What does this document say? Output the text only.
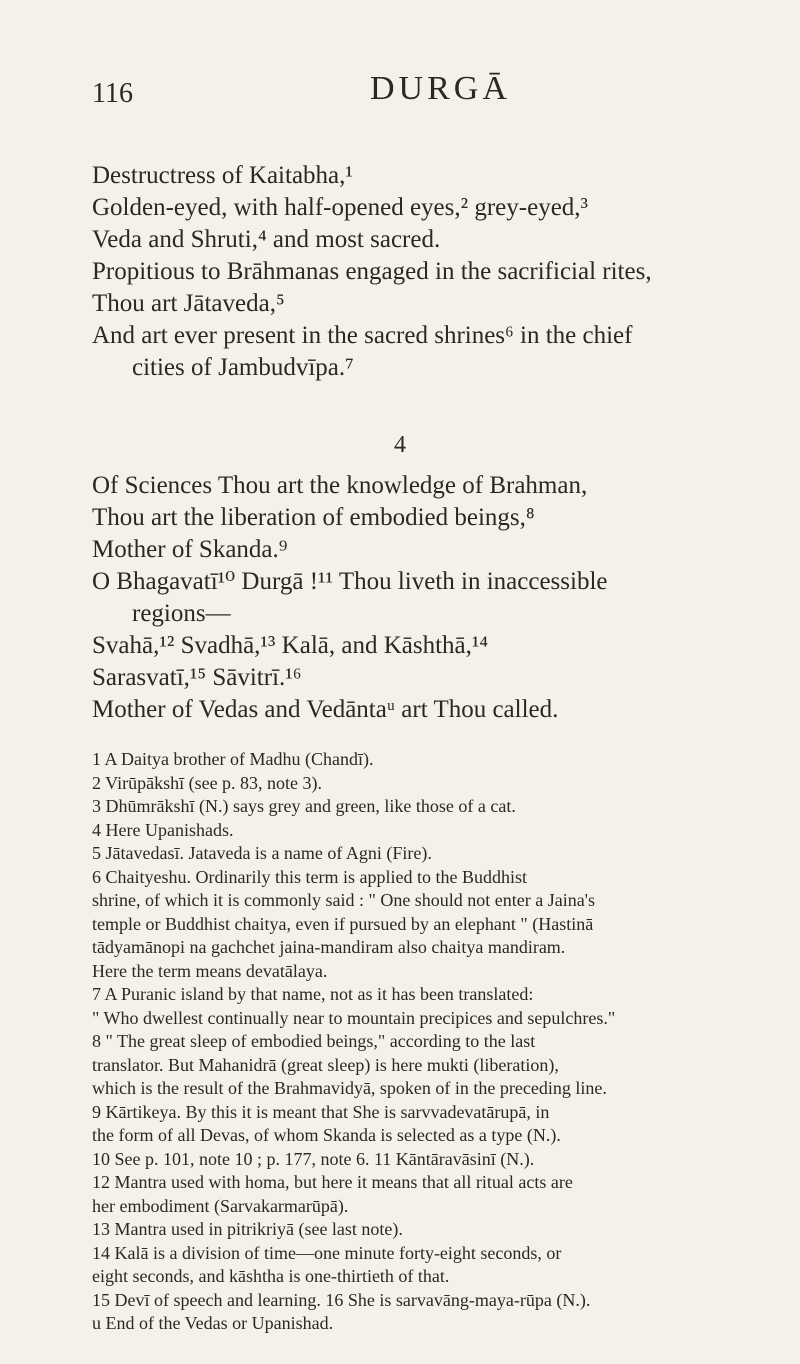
116	DURGĀ
Destructress of Kaitabha,¹
Golden-eyed, with half-opened eyes,² grey-eyed,³
Veda and Shruti,⁴ and most sacred.
Propitious to Brāhmanas engaged in the sacrificial rites,
Thou art Jātaveda,⁵
And art ever present in the sacred shrines⁶ in the chief
cities of Jambudvīpa.⁷
4
Of Sciences Thou art the knowledge of Brahman,
Thou art the liberation of embodied beings,⁸
Mother of Skanda.⁹
O Bhagavatī¹⁰ Durgā !¹¹ Thou liveth in inaccessible
regions—
Svahā,¹² Svadhā,¹³ Kalā, and Kāshthā,¹⁴
Sarasvatī,¹⁵ Sāvitrī.¹⁶
Mother of Vedas and Vedāntaᵘ art Thou called.

1 A Daitya brother of Madhu (Chandī).

2 Virūpākshī (see p. 83, note 3).

3 Dhūmrākshī (N.) says grey and green, like those of a cat.

4 Here Upanishads.

5 Jātavedasī. Jataveda is a name of Agni (Fire).

6 Chaityeshu. Ordinarily this term is applied to the Buddhist

shrine, of which it is commonly said : " One should not enter a Jaina's

temple or Buddhist chaitya, even if pursued by an elephant " (Hastinā

tādyamānopi na gachchet jaina-mandiram also chaitya mandiram.

Here the term means devatālaya.

7 A Puranic island by that name, not as it has been translated:

" Who dwellest continually near to mountain precipices and sepulchres."

8 " The great sleep of embodied beings," according to the last

translator. But Mahanidrā (great sleep) is here mukti (liberation),

which is the result of the Brahmavidyā, spoken of in the preceding line.

9 Kārtikeya. By this it is meant that She is sarvvadevatārupā, in

the form of all Devas, of whom Skanda is selected as a type (N.).

10 See p. 101, note 10 ; p. 177, note 6. 11 Kāntāravāsinī (N.).

12 Mantra used with homa, but here it means that all ritual acts are

her embodiment (Sarvakarmarūpā).

13 Mantra used in pitrikriyā (see last note).

14 Kalā is a division of time—one minute forty-eight seconds, or

eight seconds, and kāshtha is one-thirtieth of that.

15 Devī of speech and learning. 16 She is sarvavāng-maya-rūpa (N.).

u End of the Vedas or Upanishad.
